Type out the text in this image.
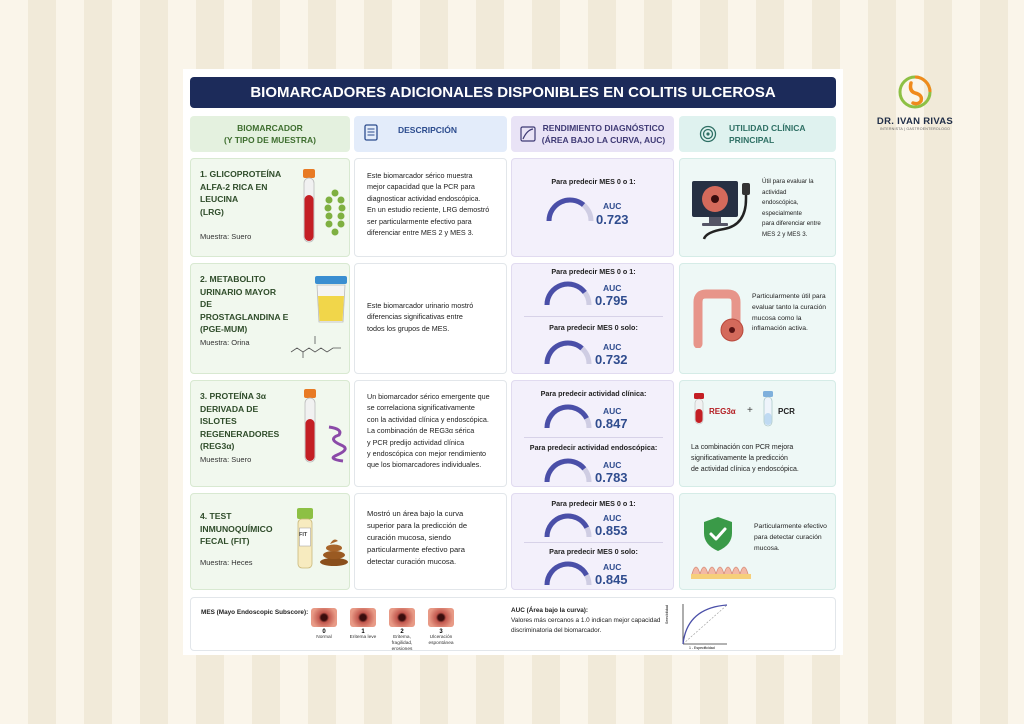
BIOMARCADORES ADICIONALES DISPONIBLES EN COLITIS ULCEROSA
BIOMARCADOR
(Y TIPO DE MUESTRA)
DESCRIPCIÓN	RENDIMIENTO DIAGNÓSTICO
(ÁREA BAJO LA CURVA, AUC)
UTILIDAD CLÍNICA
PRINCIPAL
1. GLICOPROTEÍNA
ALFA-2 RICA EN
LEUCINA
(LRG)
Muestra: Suero
Este biomarcador sérico muestra
mejor capacidad que la PCR para
diagnosticar actividad endoscópica.
En un estudio reciente, LRG demostró
ser particularmente efectivo para
diferenciar entre MES 2 y MES 3.
Para predecir MES 0 o 1:
AUC
0.723
Útil para evaluar la actividad
endoscópica, especialmente
para diferenciar entre
MES 2 y MES 3.
2. METABOLITO
URINARIO MAYOR DE
PROSTAGLANDINA E
(PGE-MUM)
Muestra: Orina
Este biomarcador urinario mostró
diferencias significativas entre
todos los grupos de MES.
Para predecir MES 0 o 1:
AUC
0.795
Para predecir MES 0 solo:
AUC
0.732
Particularmente útil para
evaluar tanto la curación
mucosa como la
inflamación activa.
3. PROTEÍNA 3α
DERIVADA DE ISLOTES
REGENERADORES
(REG3α)
Muestra: Suero
Un biomarcador sérico emergente que
se correlaciona significativamente
con la actividad clínica y endoscópica.
La combinación de REG3α sérica
y PCR predijo actividad clínica
y endoscópica con mejor rendimiento
que los biomarcadores individuales.
Para predecir actividad clínica:
AUC
0.847
Para predecir actividad endoscópica:
AUC
0.783
REG3α +	PCR
La combinación con PCR mejora
significativamente la predicción
de actividad clínica y endoscópica.
4. TEST
INMUNOQUÍMICO
FECAL (FIT)
Muestra: Heces
FIT
Mostró un área bajo la curva
superior para la predicción de
curación mucosa, siendo
particularmente efectivo para
detectar curación mucosa.
Para predecir MES 0 o 1:
AUC
0.853
Para predecir MES 0 solo:
AUC
0.845
Particularmente efectivo
para detectar curación
mucosa.
MES (Mayo Endoscopic Subscore):
0
Normal
1
Eritema leve
2
Eritema,
fragilidad,
erosiones
3
Ulceración
espontánea
AUC (Área bajo la curva):
Valores más cercanos a 1.0 indican mejor capacidad
discriminatoria del biomarcador.
Sensibilidad
1 - Especificidad
DR. IVAN RIVAS
INTERNISTA | GASTROENTEROLOGO
